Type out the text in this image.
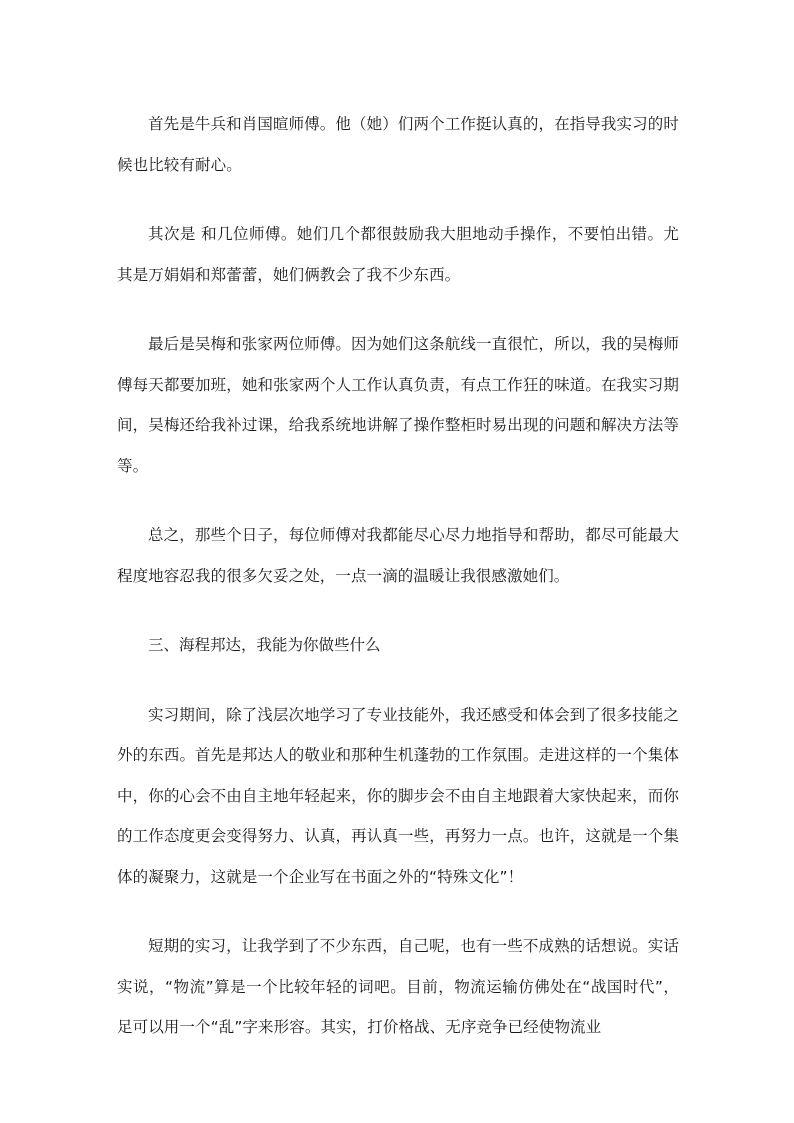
首先是牛兵和肖国暄师傅。他（她）们两个工作挺认真的，在指导我实习的时候也比较有耐心。

其次是 和几位师傅。她们几个都很鼓励我大胆地动手操作，不要怕出错。尤其是万娟娟和郑蕾蕾，她们俩教会了我不少东西。

最后是吴梅和张家两位师傅。因为她们这条航线一直很忙，所以，我的吴梅师傅每天都要加班，她和张家两个人工作认真负责，有点工作狂的味道。在我实习期间，吴梅还给我补过课，给我系统地讲解了操作整柜时易出现的问题和解决方法等等。

总之，那些个日子，每位师傅对我都能尽心尽力地指导和帮助，都尽可能最大程度地容忍我的很多欠妥之处，一点一滴的温暖让我很感激她们。

三、海程邦达，我能为你做些什么

实习期间，除了浅层次地学习了专业技能外，我还感受和体会到了很多技能之外的东西。首先是邦达人的敬业和那种生机蓬勃的工作氛围。走进这样的一个集体中，你的心会不由自主地年轻起来，你的脚步会不由自主地跟着大家快起来，而你的工作态度更会变得努力、认真，再认真一些，再努力一点。也许，这就是一个集体的凝聚力，这就是一个企业写在书面之外的“特殊文化”！

短期的实习，让我学到了不少东西，自己呢，也有一些不成熟的话想说。实话实说，“物流”算是一个比较年轻的词吧。目前，物流运输仿佛处在“战国时代”，足可以用一个“乱”字来形容。其实，打价格战、无序竞争已经使物流业
